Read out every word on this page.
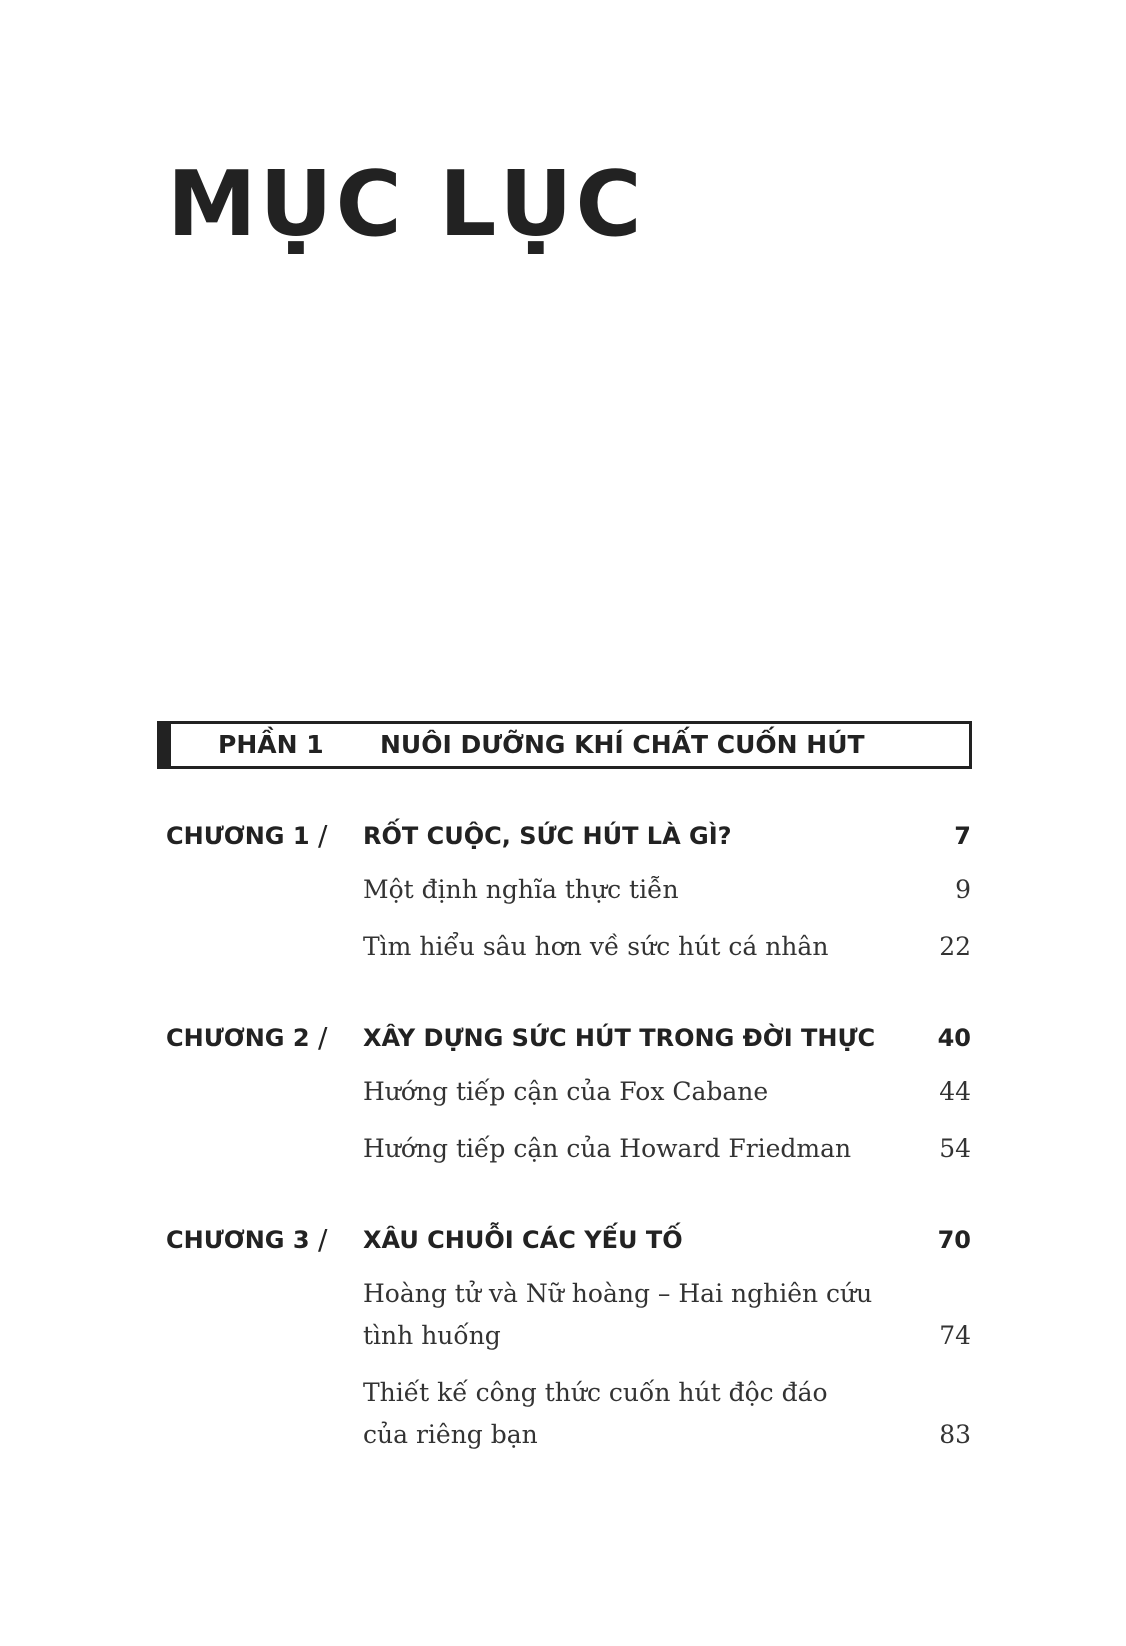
MỤC LỤC
PHẦN 1 NUÔI DƯỠNG KHÍ CHẤT CUỐN HÚT
CHƯƠNG 1 / RỐT CUỘC, SỨC HÚT LÀ GÌ?	7
Một định nghĩa thực tiễn	9
Tìm hiểu sâu hơn về sức hút cá nhân	22
CHƯƠNG 2 / XÂY DỰNG SỨC HÚT TRONG ĐỜI THỰC	40
Hướng tiếp cận của Fox Cabane	44
Hướng tiếp cận của Howard Friedman	54
CHƯƠNG 3 / XÂU CHUỖI CÁC YẾU TỐ	70
Hoàng tử và Nữ hoàng – Hai nghiên cứu
tình huống	74
Thiết kế công thức cuốn hút độc đáo
của riêng bạn	83
